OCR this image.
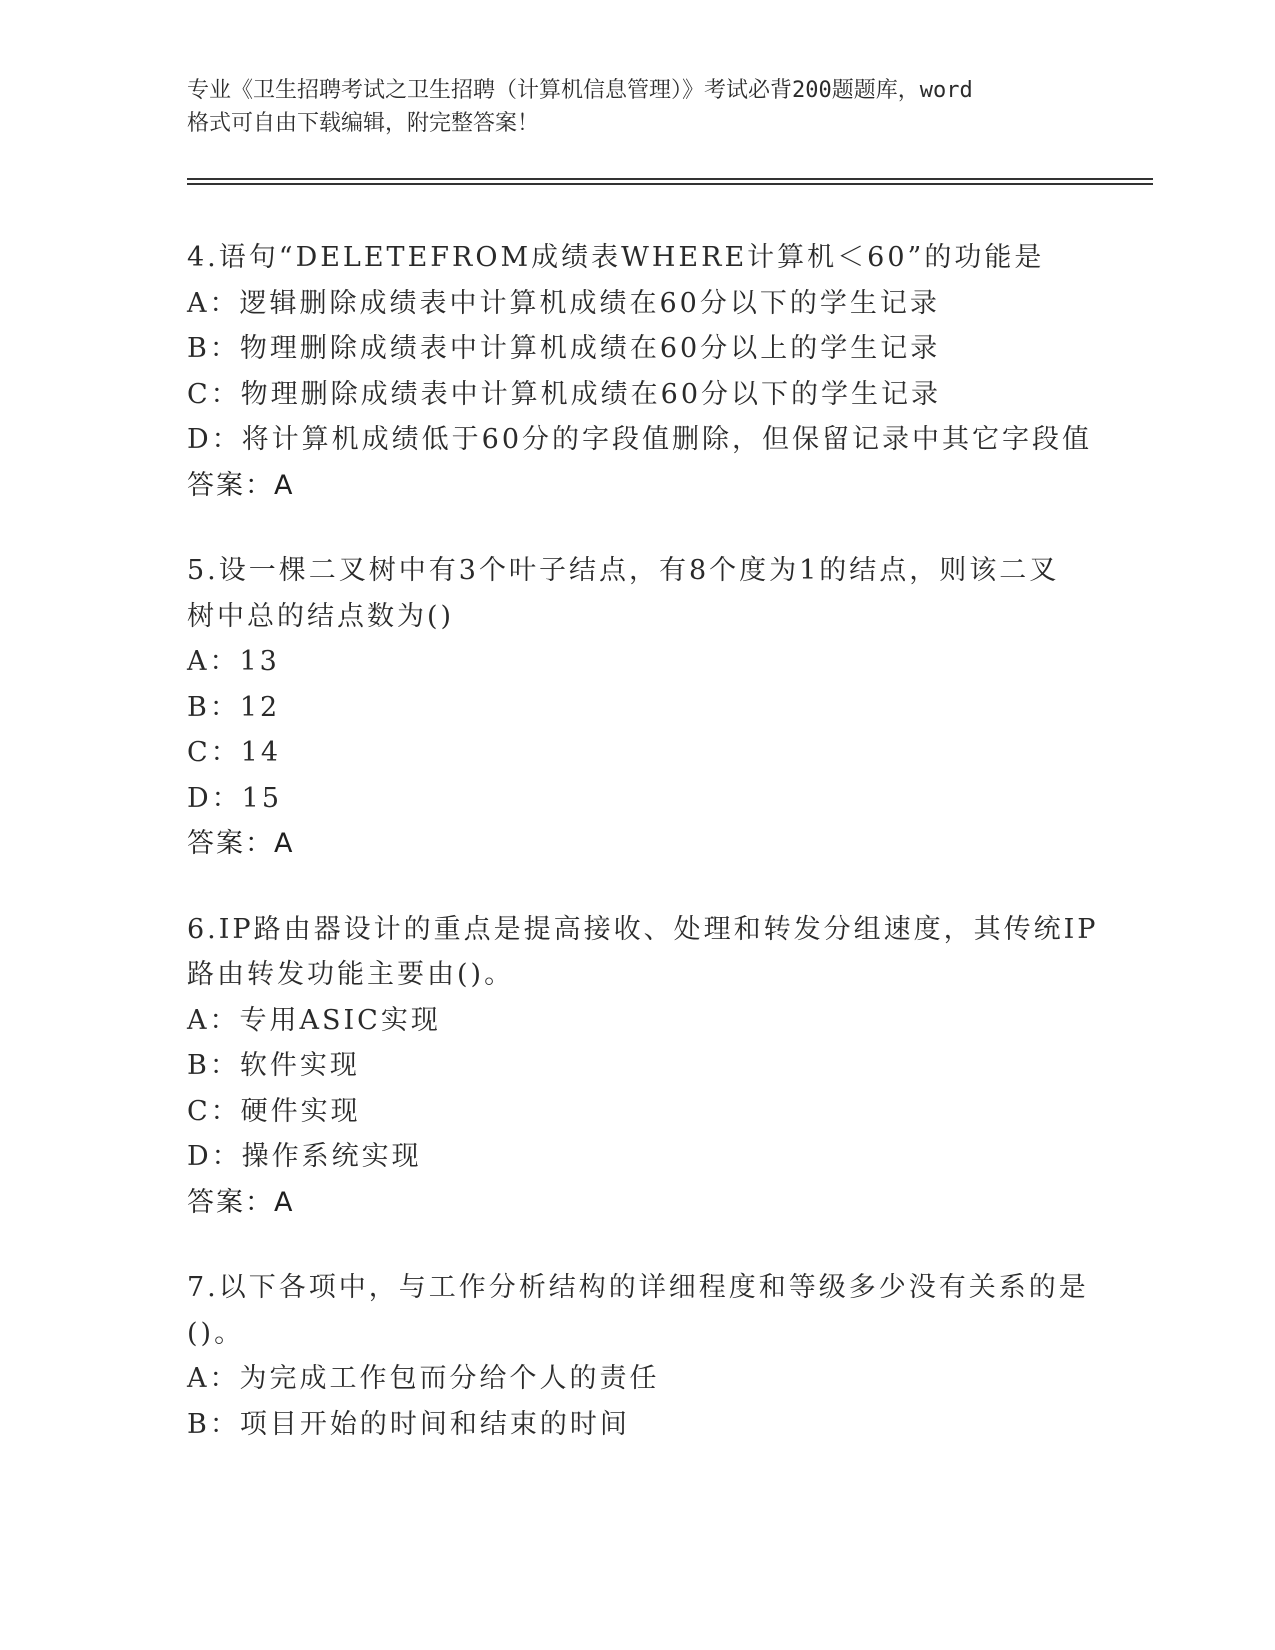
专业《卫生招聘考试之卫生招聘（计算机信息管理）》考试必背200题题库，word
格式可自由下载编辑，附完整答案！
4.语句“DELETEFROM成绩表WHERE计算机＜60”的功能是
A：逻辑删除成绩表中计算机成绩在60分以下的学生记录
B：物理删除成绩表中计算机成绩在60分以上的学生记录
C：物理删除成绩表中计算机成绩在60分以下的学生记录
D：将计算机成绩低于60分的字段值删除，但保留记录中其它字段值
答案：A
5.设一棵二叉树中有3个叶子结点，有8个度为1的结点，则该二叉
树中总的结点数为()
A：13
B：12
C：14
D：15
答案：A
6.IP路由器设计的重点是提高接收、处理和转发分组速度，其传统IP
路由转发功能主要由()。
A：专用ASIC实现
B：软件实现
C：硬件实现
D：操作系统实现
答案：A
7.以下各项中，与工作分析结构的详细程度和等级多少没有关系的是
()。
A：为完成工作包而分给个人的责任
B：项目开始的时间和结束的时间
